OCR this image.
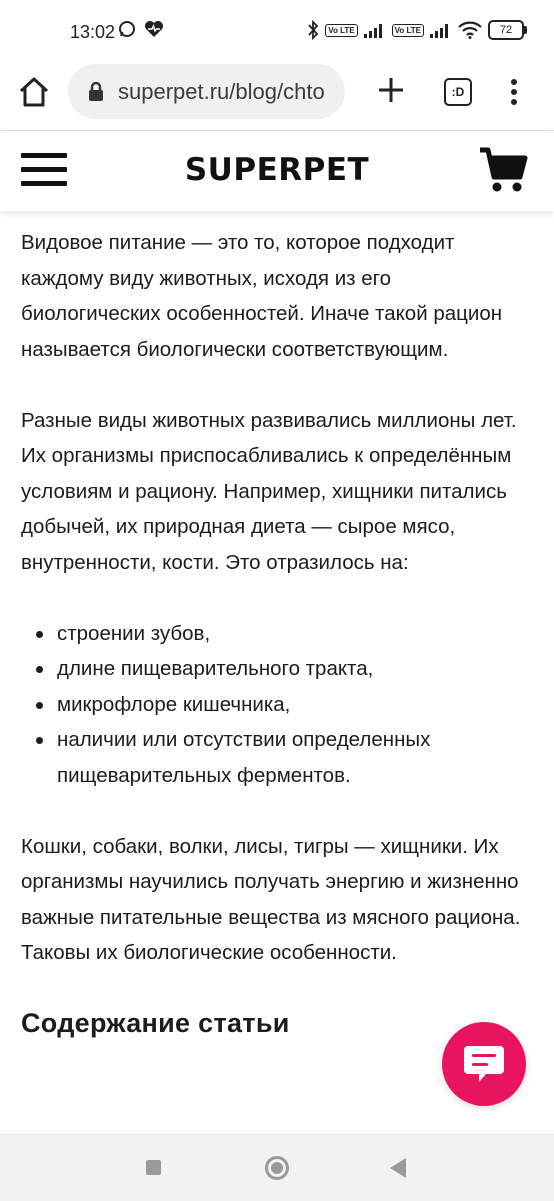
13:02	Vo LTE	Vo LTE	72
superpet.ru/blog/chto	:D
SUPERPET

Видовое питание — это то, которое подходит каждому виду животных, исходя из его биологических особенностей. Иначе такой рацион называется биологически соответствующим.

Разные виды животных развивались миллионы лет. Их организмы приспосабливались к определённым условиям и рациону. Например, хищники питались добычей, их природная диета — сырое мясо, внутренности, кости. Это отразилось на:

строении зубов,
длине пищеварительного тракта,
микрофлоре кишечника,
наличии или отсутствии определенных пищеварительных ферментов.

Кошки, собаки, волки, лисы, тигры — хищники. Их организмы научились получать энергию и жизненно важные питательные вещества из мясного рациона. Таковы их биологические особенности.

Содержание статьи
